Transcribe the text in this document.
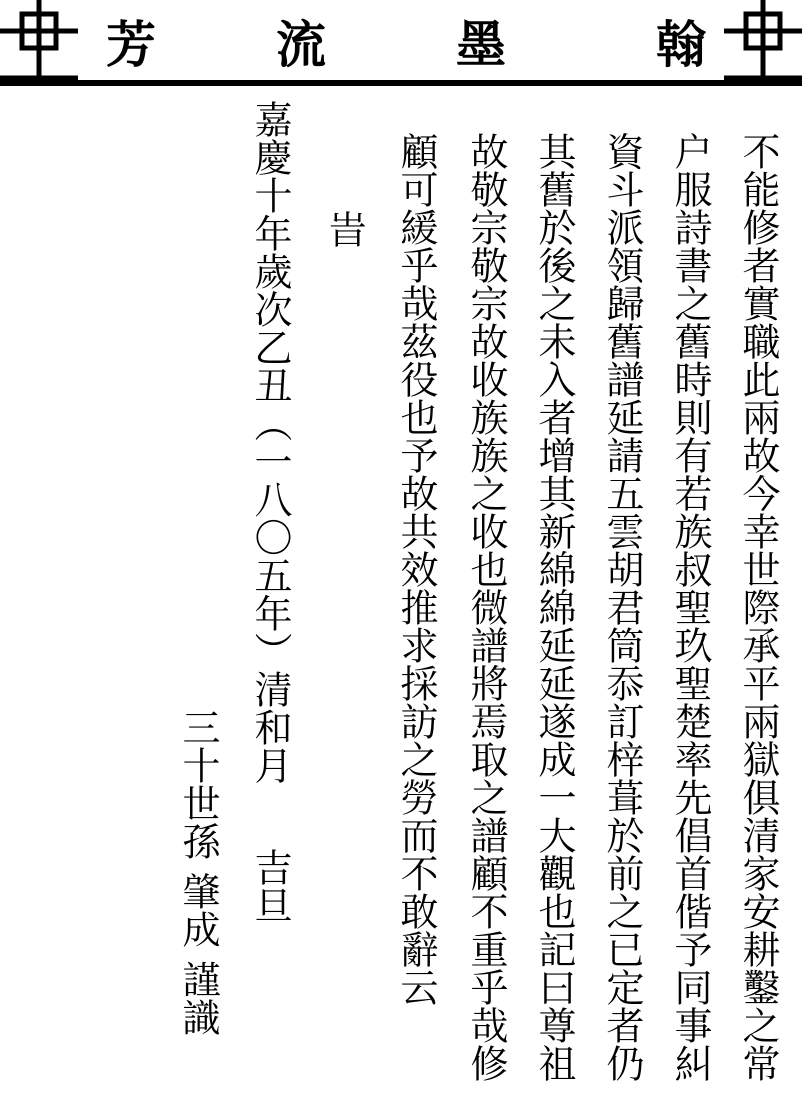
翰
墨
流
芳
不能修者實職此兩故今幸世際承平兩獄俱清家安耕鑿之常
户服詩書之舊時則有若族叔聖玖聖楚率先倡首偕予同事糾
資斗派領歸舊譜延請五雲胡君筒忝訂梓葺於前之已定者仍
其舊於後之未入者增其新綿綿延延遂成一大觀也記曰尊祖
故敬宗敬宗故收族族之收也微譜將焉取之譜顧不重乎哉修
顧可緩乎哉茲役也予故共效推求採訪之勞而不敢辭云
旹
嘉慶十年歲次乙丑（一八〇五年）清和月
吉旦
三十世孫 肇成 謹識
